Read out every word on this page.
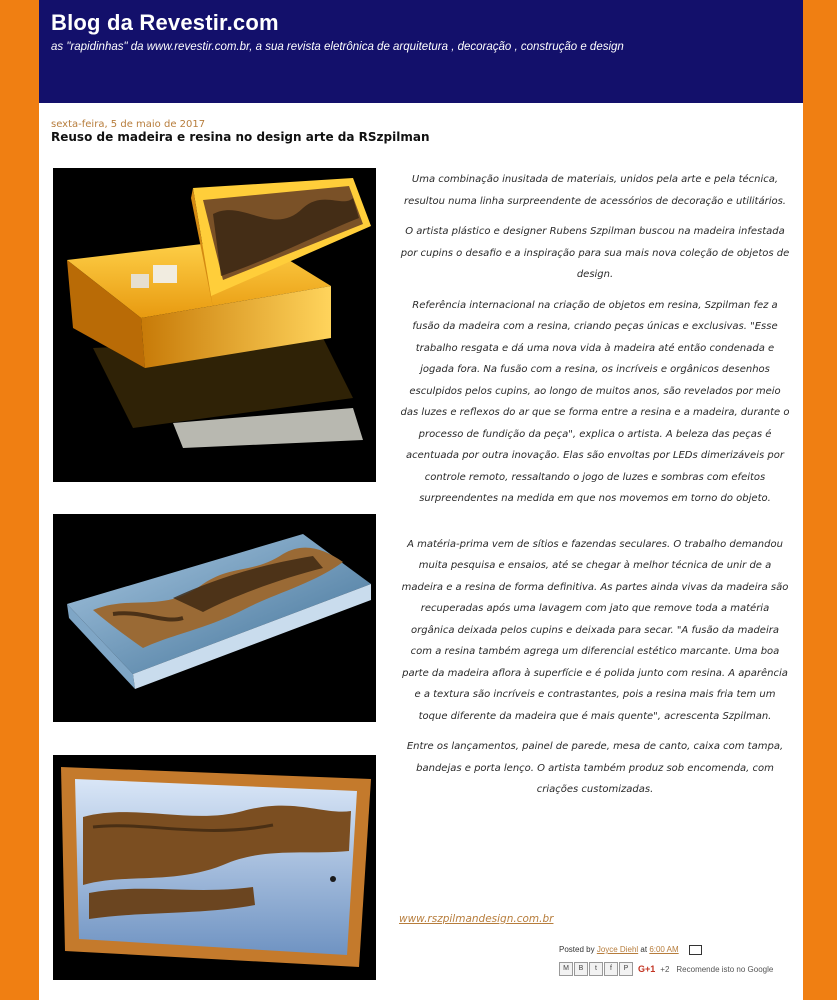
Blog da Revestir.com
as "rapidinhas" da www.revestir.com.br, a sua revista eletrônica de arquitetura , decoração , construção e design
sexta-feira, 5 de maio de 2017
Reuso de madeira e resina no design arte da RSzpilman

Uma combinação inusitada de materiais, unidos pela arte e pela técnica, resultou numa linha surpreendente de acessórios de decoração e utilitários.

O artista plástico e designer Rubens Szpilman buscou na madeira infestada por cupins o desafio e a inspiração para sua mais nova coleção de objetos de design.

Referência internacional na criação de objetos em resina, Szpilman fez a fusão da madeira com a resina, criando peças únicas e exclusivas. "Esse trabalho resgata e dá uma nova vida à madeira até então condenada e jogada fora. Na fusão com a resina, os incríveis e orgânicos desenhos esculpidos pelos cupins, ao longo de muitos anos, são revelados por meio das luzes e reflexos do ar que se forma entre a resina e a madeira, durante o processo de fundição da peça", explica o artista. A beleza das peças é acentuada por outra inovação. Elas são envoltas por LEDs dimerizáveis por controle remoto, ressaltando o jogo de luzes e sombras com efeitos surpreendentes na medida em que nos movemos em torno do objeto.

A matéria-prima vem de sítios e fazendas seculares. O trabalho demandou muita pesquisa e ensaios, até se chegar à melhor técnica de unir de a madeira e a resina de forma definitiva. As partes ainda vivas da madeira são recuperadas após uma lavagem com jato que remove toda a matéria orgânica deixada pelos cupins e deixada para secar. "A fusão da madeira com a resina também agrega um diferencial estético marcante. Uma boa parte da madeira aflora à superfície e é polida junto com resina. A aparência e a textura são incríveis e contrastantes, pois a resina mais fria tem um toque diferente da madeira que é mais quente", acrescenta Szpilman.

Entre os lançamentos, painel de parede, mesa de canto, caixa com tampa, bandejas e porta lenço. O artista também produz sob encomenda, com criações customizadas.

www.rszpilmandesign.com.br
Posted by Joyce Diehl at 6:00 AM
M	B	t	f	P	G+1 +2 Recomende isto no Google
